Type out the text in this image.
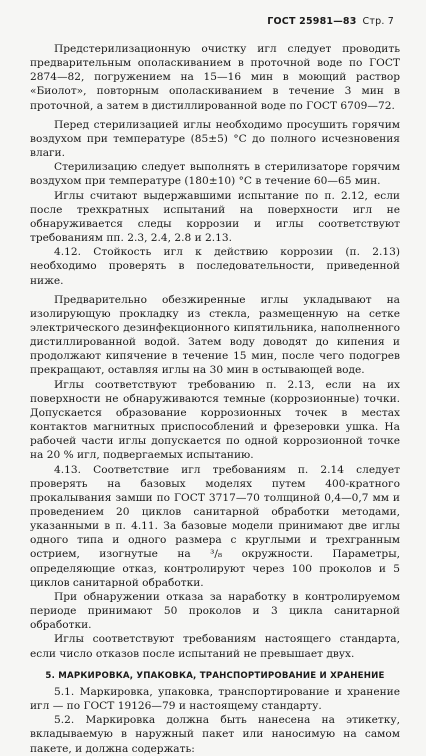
ГОСТ 25981—83 Стр. 7

Предстерилизационную очистку игл следует проводить предварительным ополаскиванием в проточной воде по ГОСТ 2874—82, погружением на 15—16 мин в моющий раствор «Биолот», повторным ополаскиванием в течение 3 мин в проточной, а затем в дистиллированной воде по ГОСТ 6709—72.

Перед стерилизацией иглы необходимо просушить горячим воздухом при температуре (85±5) °С до полного исчезновения влаги.

Стерилизацию следует выполнять в стерилизаторе горячим воздухом при температуре (180±10) °С в течение 60—65 мин.

Иглы считают выдержавшими испытание по п. 2.12, если после трехкратных испытаний на поверхности игл не обнаруживается следы коррозии и иглы соответствуют требованиям пп. 2.3, 2.4, 2.8 и 2.13.

4.12. Стойкость игл к действию коррозии (п. 2.13) необходимо проверять в последовательности, приведенной ниже.

Предварительно обезжиренные иглы укладывают на изолирующую прокладку из стекла, размещенную на сетке электрического дезинфекционного кипятильника, наполненного дистиллированной водой. Затем воду доводят до кипения и продолжают кипячение в течение 15 мин, после чего подогрев прекращают, оставляя иглы на 30 мин в остывающей воде.

Иглы соответствуют требованию п. 2.13, если на их поверхности не обнаруживаются темные (коррозионные) точки. Допускается образование коррозионных точек в местах контактов магнитных приспособлений и фрезеровки ушка. На рабочей части иглы допускается по одной коррозионной точке на 20 % игл, подвергаемых испытанию.

4.13. Соответствие игл требованиям п. 2.14 следует проверять на базовых моделях путем 400-кратного прокалывания замши по ГОСТ 3717—70 толщиной 0,4—0,7 мм и проведением 20 циклов санитарной обработки методами, указанными в п. 4.11. За базовые модели принимают две иглы одного типа и одного размера с круглыми и трехгранным острием, изогнутые на ³/₈ окружности. Параметры, определяющие отказ, контролируют через 100 проколов и 5 циклов санитарной обработки.

При обнаружении отказа за наработку в контролируемом периоде принимают 50 проколов и 3 цикла санитарной обработки.

Иглы соответствуют требованиям настоящего стандарта, если число отказов после испытаний не превышает двух.

5. МАРКИРОВКА, УПАКОВКА, ТРАНСПОРТИРОВАНИЕ И ХРАНЕНИЕ

5.1. Маркировка, упаковка, транспортирование и хранение игл — по ГОСТ 19126—79 и настоящему стандарту.

5.2. Маркировка должна быть нанесена на этикетку, вкладываемую в наружный пакет или наносимую на самом пакете, и должна содержать:
